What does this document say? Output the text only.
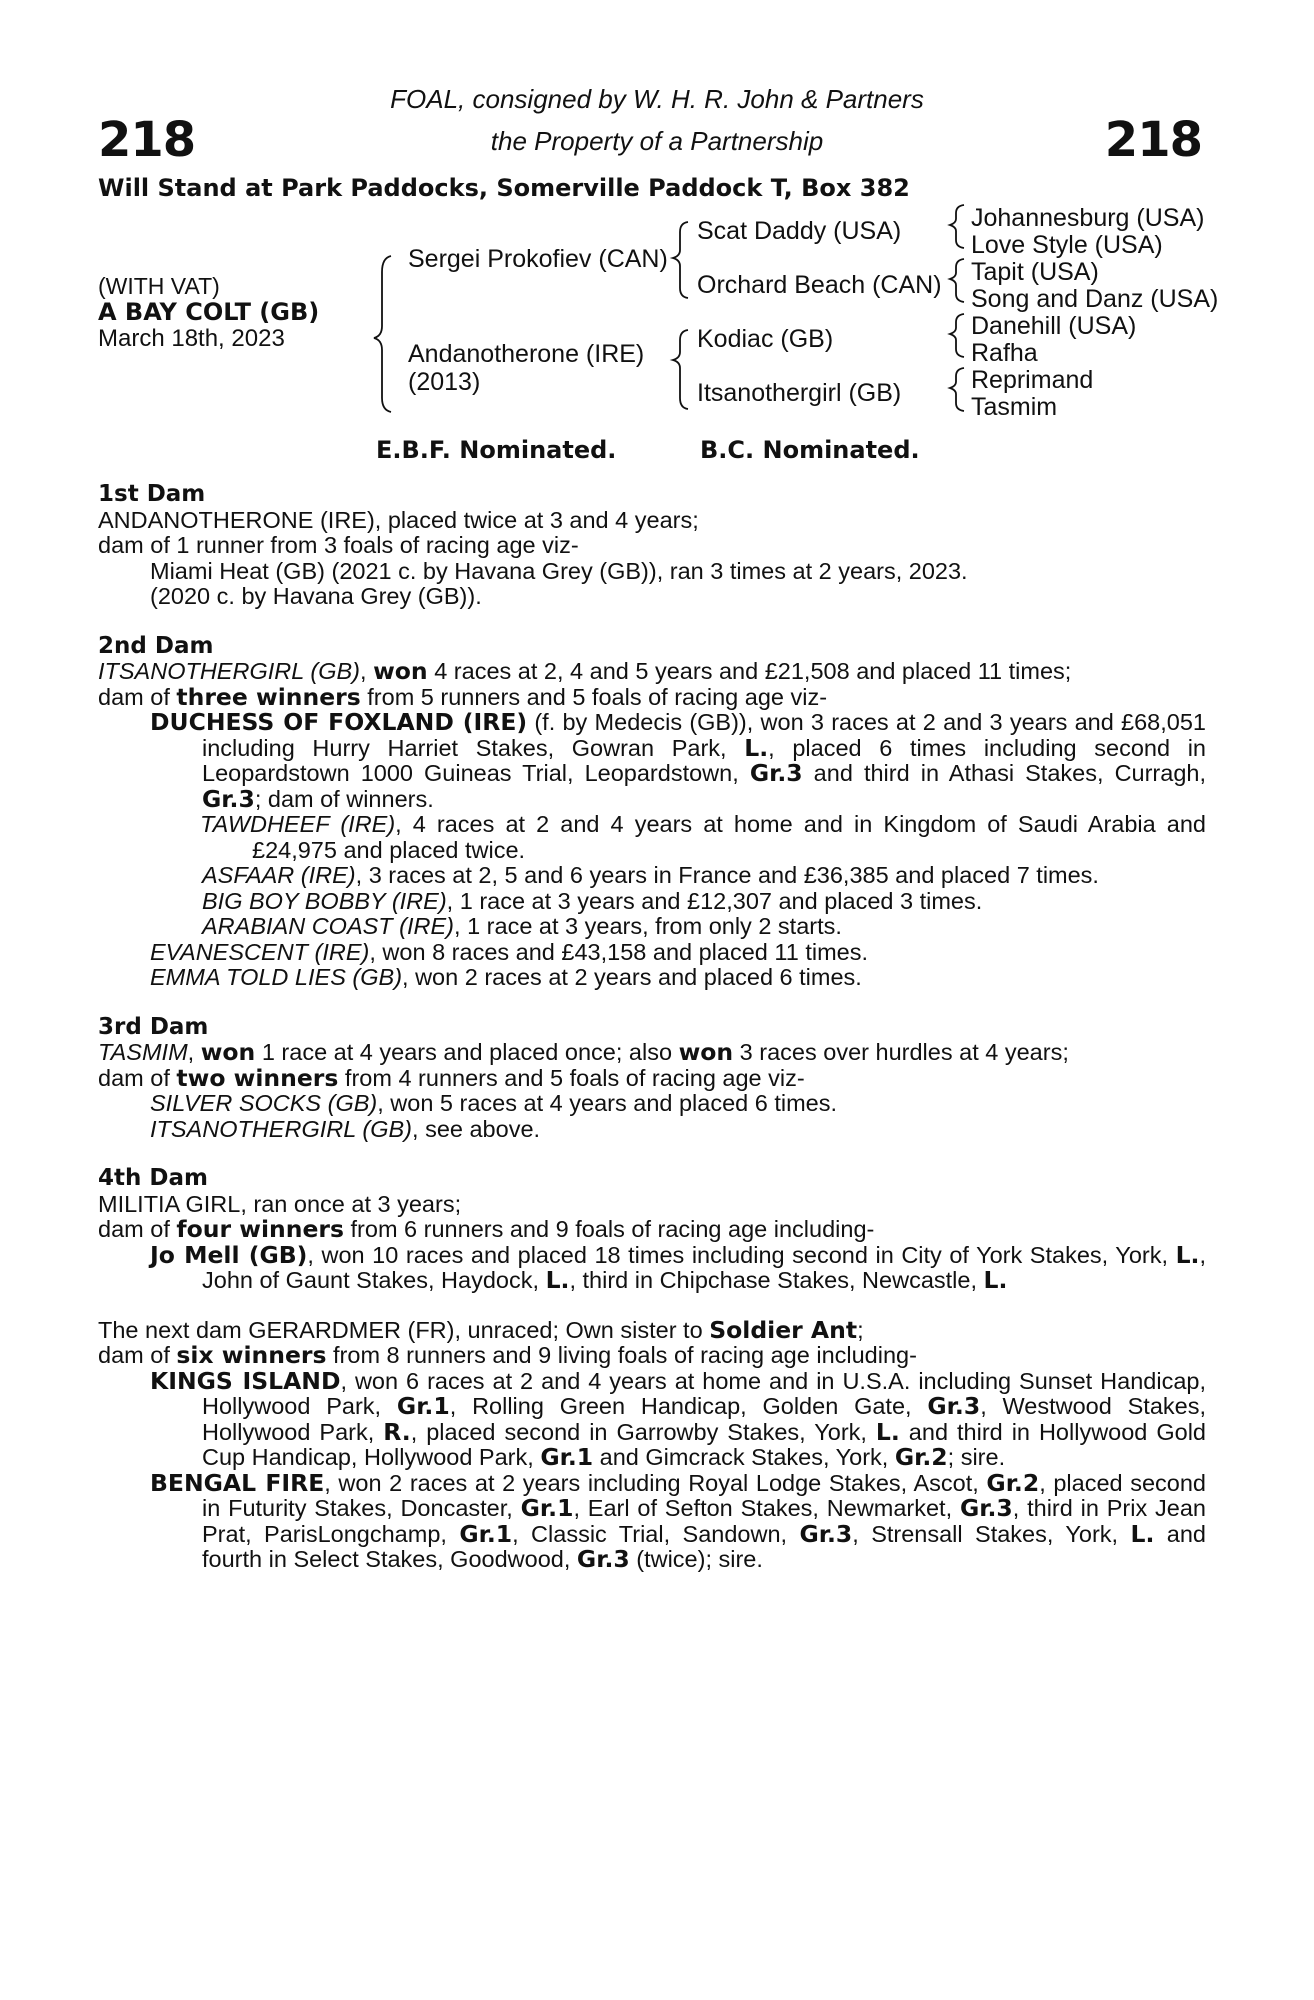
218	218
FOAL, consigned by W. H. R. John & Partners
the Property of a Partnership
Will Stand at Park Paddocks, Somerville Paddock T, Box 382
(WITH VAT)
A BAY COLT (GB)
March 18th, 2023
Sergei Prokofiev (CAN)
Andanotherone (IRE)
(2013)
Scat Daddy (USA)
Orchard Beach (CAN)
Kodiac (GB)
Itsanothergirl (GB)
Johannesburg (USA)
Love Style (USA)
Tapit (USA)
Song and Danz (USA)
Danehill (USA)
Rafha
Reprimand
Tasmim
E.B.F. Nominated.	B.C. Nominated.
1st Dam
ANDANOTHERONE (IRE), placed twice at 3 and 4 years;
dam of 1 runner from 3 foals of racing age viz-
Miami Heat (GB) (2021 c. by Havana Grey (GB)), ran 3 times at 2 years, 2023.
(2020 c. by Havana Grey (GB)).
2nd Dam
ITSANOTHERGIRL (GB), won 4 races at 2, 4 and 5 years and £21,508 and placed 11 times;
dam of three winners from 5 runners and 5 foals of racing age viz-
DUCHESS OF FOXLAND (IRE) (f. by Medecis (GB)), won 3 races at 2 and 3 years and £68,051 including Hurry Harriet Stakes, Gowran Park, L., placed 6 times including second in Leopardstown 1000 Guineas Trial, Leopardstown, Gr.3 and third in Athasi Stakes, Curragh, Gr.3; dam of winners.
TAWDHEEF (IRE), 4 races at 2 and 4 years at home and in Kingdom of Saudi Arabia and £24,975 and placed twice.
ASFAAR (IRE), 3 races at 2, 5 and 6 years in France and £36,385 and placed 7 times.
BIG BOY BOBBY (IRE), 1 race at 3 years and £12,307 and placed 3 times.
ARABIAN COAST (IRE), 1 race at 3 years, from only 2 starts.
EVANESCENT (IRE), won 8 races and £43,158 and placed 11 times.
EMMA TOLD LIES (GB), won 2 races at 2 years and placed 6 times.
3rd Dam
TASMIM, won 1 race at 4 years and placed once; also won 3 races over hurdles at 4 years;
dam of two winners from 4 runners and 5 foals of racing age viz-
SILVER SOCKS (GB), won 5 races at 4 years and placed 6 times.
ITSANOTHERGIRL (GB), see above.
4th Dam
MILITIA GIRL, ran once at 3 years;
dam of four winners from 6 runners and 9 foals of racing age including-
Jo Mell (GB), won 10 races and placed 18 times including second in City of York Stakes, York, L., John of Gaunt Stakes, Haydock, L., third in Chipchase Stakes, Newcastle, L.
The next dam GERARDMER (FR), unraced; Own sister to Soldier Ant;
dam of six winners from 8 runners and 9 living foals of racing age including-
KINGS ISLAND, won 6 races at 2 and 4 years at home and in U.S.A. including Sunset Handicap, Hollywood Park, Gr.1, Rolling Green Handicap, Golden Gate, Gr.3, Westwood Stakes, Hollywood Park, R., placed second in Garrowby Stakes, York, L. and third in Hollywood Gold Cup Handicap, Hollywood Park, Gr.1 and Gimcrack Stakes, York, Gr.2; sire.
BENGAL FIRE, won 2 races at 2 years including Royal Lodge Stakes, Ascot, Gr.2, placed second in Futurity Stakes, Doncaster, Gr.1, Earl of Sefton Stakes, Newmarket, Gr.3, third in Prix Jean Prat, ParisLongchamp, Gr.1, Classic Trial, Sandown, Gr.3, Strensall Stakes, York, L. and fourth in Select Stakes, Goodwood, Gr.3 (twice); sire.
